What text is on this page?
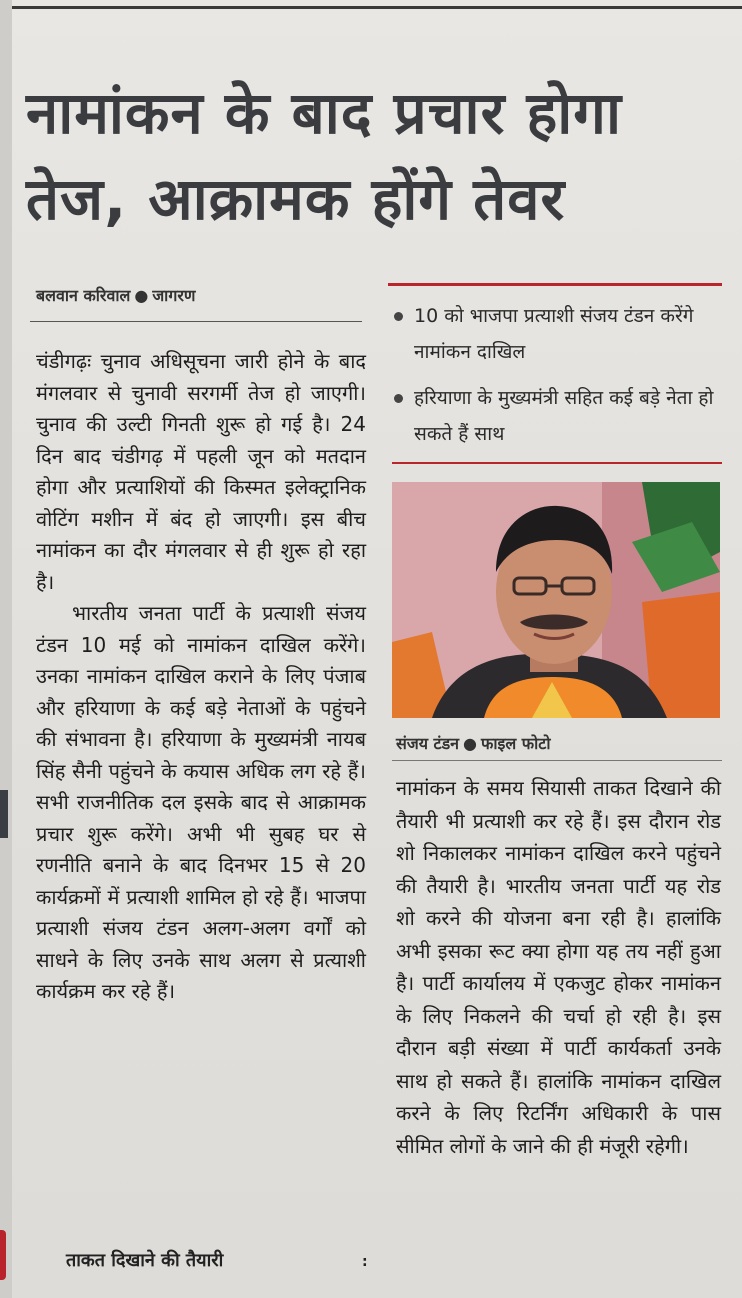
नामांकन के बाद प्रचार होगा तेज, आक्रामक होंगे तेवर
बलवान करिवाल ● जागरण

चंडीगढ़ः चुनाव अधिसूचना जारी होने के बाद मंगलवार से चुनावी सरगर्मी तेज हो जाएगी। चुनाव की उल्टी गिनती शुरू हो गई है। 24 दिन बाद चंडीगढ़ में पहली जून को मतदान होगा और प्रत्याशियों की किस्मत इलेक्ट्रानिक वोटिंग मशीन में बंद हो जाएगी। इस बीच नामांकन का दौर मंगलवार से ही शुरू हो रहा है।

भारतीय जनता पार्टी के प्रत्याशी संजय टंडन 10 मई को नामांकन दाखिल करेंगे। उनका नामांकन दाखिल कराने के लिए पंजाब और हरियाणा के कई बड़े नेताओं के पहुंचने की संभावना है। हरियाणा के मुख्यमंत्री नायब सिंह सैनी पहुंचने के कयास अधिक लग रहे हैं। सभी राजनीतिक दल इसके बाद से आक्रामक प्रचार शुरू करेंगे। अभी भी सुबह घर से रणनीति बनाने के बाद दिनभर 15 से 20 कार्यक्रमों में प्रत्याशी शामिल हो रहे हैं। भाजपा प्रत्याशी संजय टंडन अलग-अलग वर्गों को साधने के लिए उनके साथ अलग से प्रत्याशी कार्यक्रम कर रहे हैं।

ताकत दिखाने की तैयारी	:
10 को भाजपा प्रत्याशी संजय टंडन करेंगे नामांकन दाखिल
हरियाणा के मुख्यमंत्री सहित कई बड़े नेता हो सकते हैं साथ
संजय टंडन ● फाइल फोटो

नामांकन के समय सियासी ताकत दिखाने की तैयारी भी प्रत्याशी कर रहे हैं। इस दौरान रोड शो निकालकर नामांकन दाखिल करने पहुंचने की तैयारी है। भारतीय जनता पार्टी यह रोड शो करने की योजना बना रही है। हालांकि अभी इसका रूट क्या होगा यह तय नहीं हुआ है। पार्टी कार्यालय में एकजुट होकर नामांकन के लिए निकलने की चर्चा हो रही है। इस दौरान बड़ी संख्या में पार्टी कार्यकर्ता उनके साथ हो सकते हैं। हालांकि नामांकन दाखिल करने के लिए रिटर्निंग अधिकारी के पास सीमित लोगों के जाने की ही मंजूरी रहेगी।
